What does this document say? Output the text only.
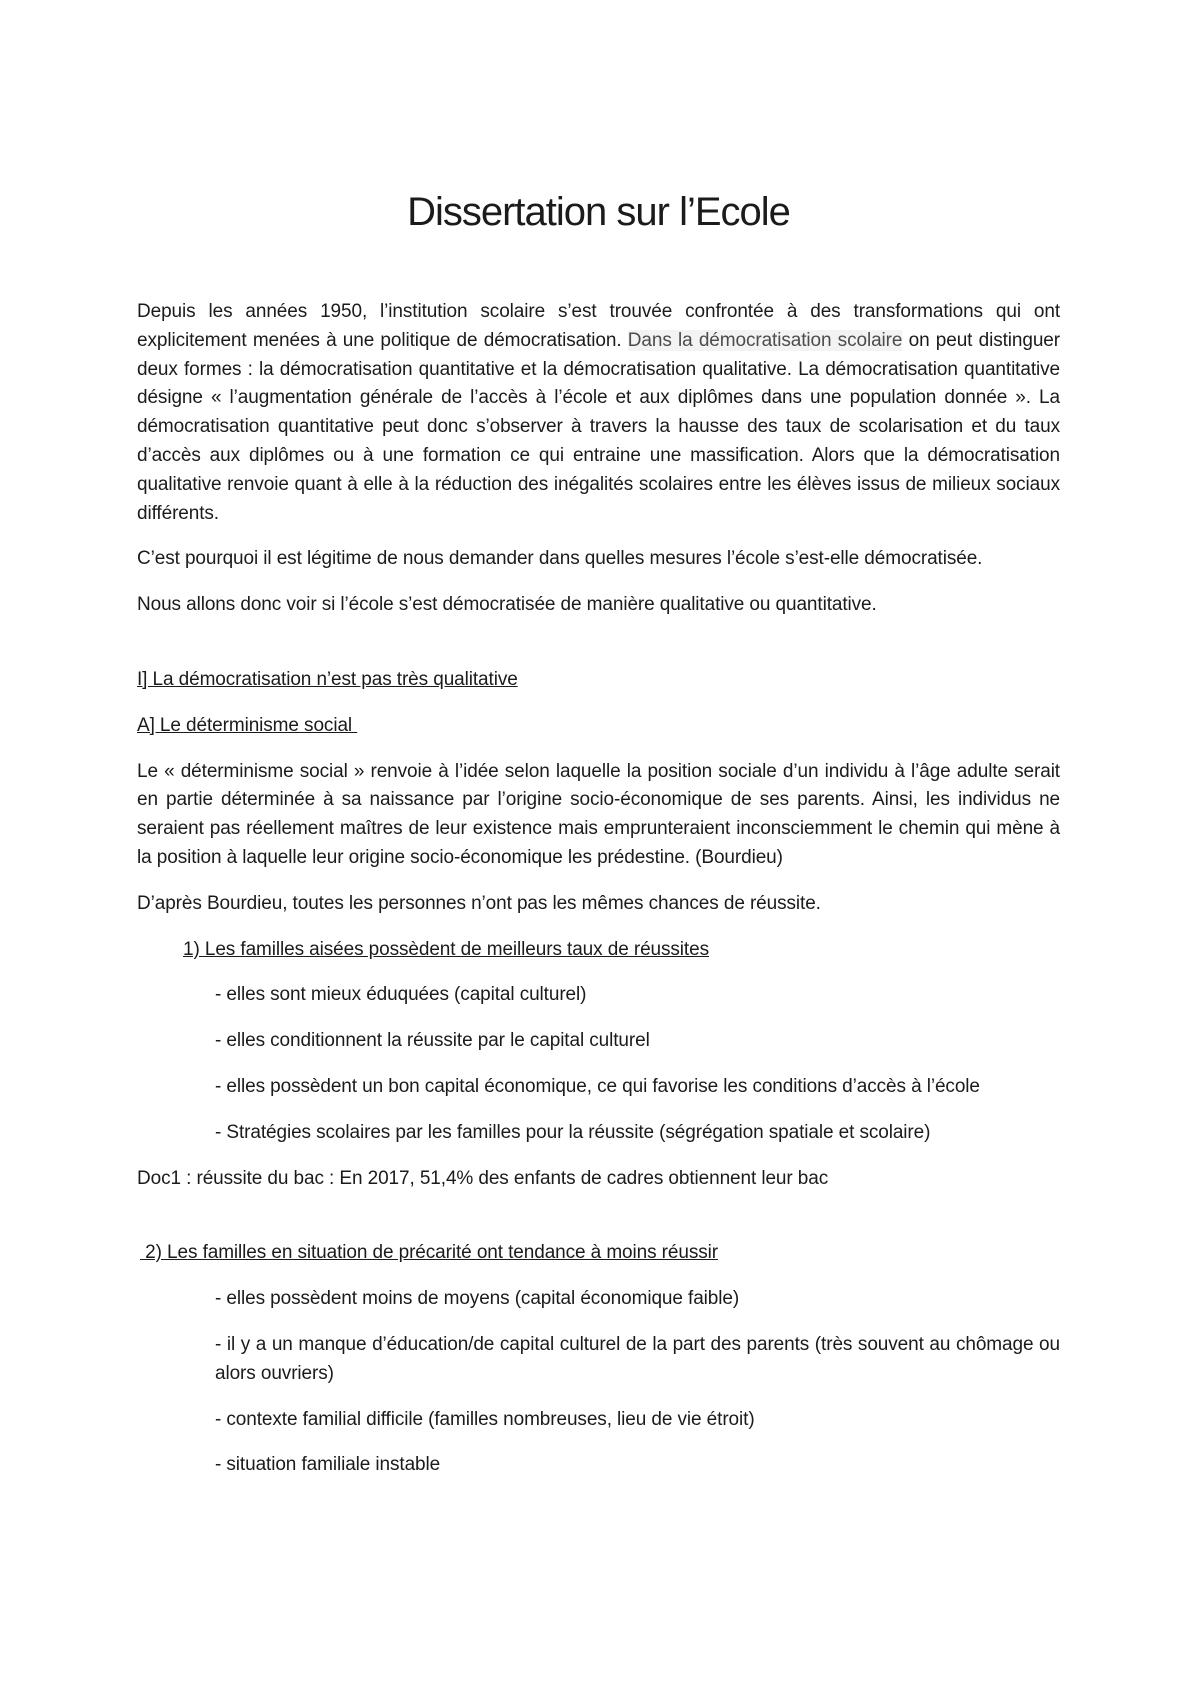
Dissertation sur l’Ecole

Depuis les années 1950, l’institution scolaire s’est trouvée confrontée à des transformations qui ont explicitement menées à une politique de démocratisation. Dans la démocratisation scolaire on peut distinguer deux formes : la démocratisation quantitative et la démocratisation qualitative. La démocratisation quantitative désigne « l’augmentation générale de l’accès à l’école et aux diplômes dans une population donnée ». La démocratisation quantitative peut donc s’observer à travers la hausse des taux de scolarisation et du taux d’accès aux diplômes ou à une formation ce qui entraine une massification. Alors que la démocratisation qualitative renvoie quant à elle à la réduction des inégalités scolaires entre les élèves issus de milieux sociaux différents.

C’est pourquoi il est légitime de nous demander dans quelles mesures l’école s’est-elle démocratisée.

Nous allons donc voir si l’école s’est démocratisée de manière qualitative ou quantitative.

I] La démocratisation n’est pas très qualitative

A] Le déterminisme social

Le « déterminisme social » renvoie à l’idée selon laquelle la position sociale d’un individu à l’âge adulte serait en partie déterminée à sa naissance par l’origine socio-économique de ses parents. Ainsi, les individus ne seraient pas réellement maîtres de leur existence mais emprunteraient inconsciemment le chemin qui mène à la position à laquelle leur origine socio-économique les prédestine. (Bourdieu)

D’après Bourdieu, toutes les personnes n’ont pas les mêmes chances de réussite.

1) Les familles aisées possèdent de meilleurs taux de réussites

- elles sont mieux éduquées (capital culturel)

- elles conditionnent la réussite par le capital culturel

- elles possèdent un bon capital économique, ce qui favorise les conditions d’accès à l’école

- Stratégies scolaires par les familles pour la réussite (ségrégation spatiale et scolaire)

Doc1 : réussite du bac : En 2017, 51,4% des enfants de cadres obtiennent leur bac

2) Les familles en situation de précarité ont tendance à moins réussir

- elles possèdent moins de moyens (capital économique faible)

- il y a un manque d’éducation/de capital culturel de la part des parents (très souvent au chômage ou alors ouvriers)

- contexte familial difficile (familles nombreuses, lieu de vie étroit)

- situation familiale instable
